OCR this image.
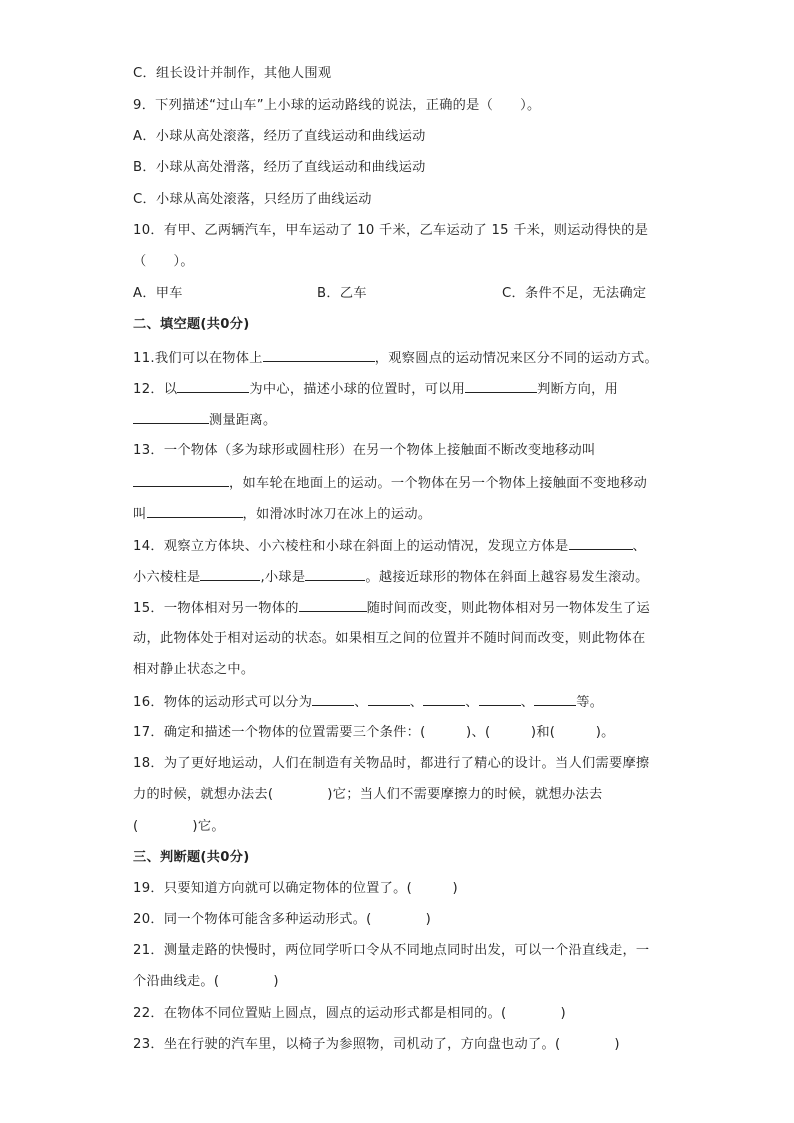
C．组长设计并制作，其他人围观
9．下列描述“过山车”上小球的运动路线的说法，正确的是（　　）。
A．小球从高处滚落，经历了直线运动和曲线运动
B．小球从高处滑落，经历了直线运动和曲线运动
C．小球从高处滚落，只经历了曲线运动
10．有甲、乙两辆汽车，甲车运动了 10 千米，乙车运动了 15 千米，则运动得快的是
（　　）。
A．甲车	B．乙车	C．条件不足，无法确定
二、填空题(共0分)
11.我们可以在物体上	，观察圆点的运动情况来区分不同的运动方式。
12．以	为中心，描述小球的位置时，可以用	判断方向，用
测量距离。
13．一个物体（多为球形或圆柱形）在另一个物体上接触面不断改变地移动叫
，如车轮在地面上的运动。一个物体在另一个物体上接触面不变地移动
叫	，如滑冰时冰刀在冰上的运动。
14．观察立方体块、小六棱柱和小球在斜面上的运动情况，发现立方体是	、
小六棱柱是	,小球是	。越接近球形的物体在斜面上越容易发生滚动。
15．一物体相对另一物体的	随时间而改变，则此物体相对另一物体发生了运
动，此物体处于相对运动的状态。如果相互之间的位置并不随时间而改变，则此物体在
相对静止状态之中。
16．物体的运动形式可以分为	、	、	、	、	等。
17．确定和描述一个物体的位置需要三个条件：(　　　)、(　　　)和(　　　)。
18．为了更好地运动，人们在制造有关物品时，都进行了精心的设计。当人们需要摩擦
力的时候，就想办法去(　　　　)它；当人们不需要摩擦力的时候，就想办法去
(　　　　)它。
三、判断题(共0分)
19．只要知道方向就可以确定物体的位置了。(　　　)
20．同一个物体可能含多种运动形式。(　　　　)
21．测量走路的快慢时，两位同学听口令从不同地点同时出发，可以一个沿直线走，一
个沿曲线走。(　　　　)
22．在物体不同位置贴上圆点，圆点的运动形式都是相同的。(　　　　)
23．坐在行驶的汽车里，以椅子为参照物，司机动了，方向盘也动了。(　　　　)
